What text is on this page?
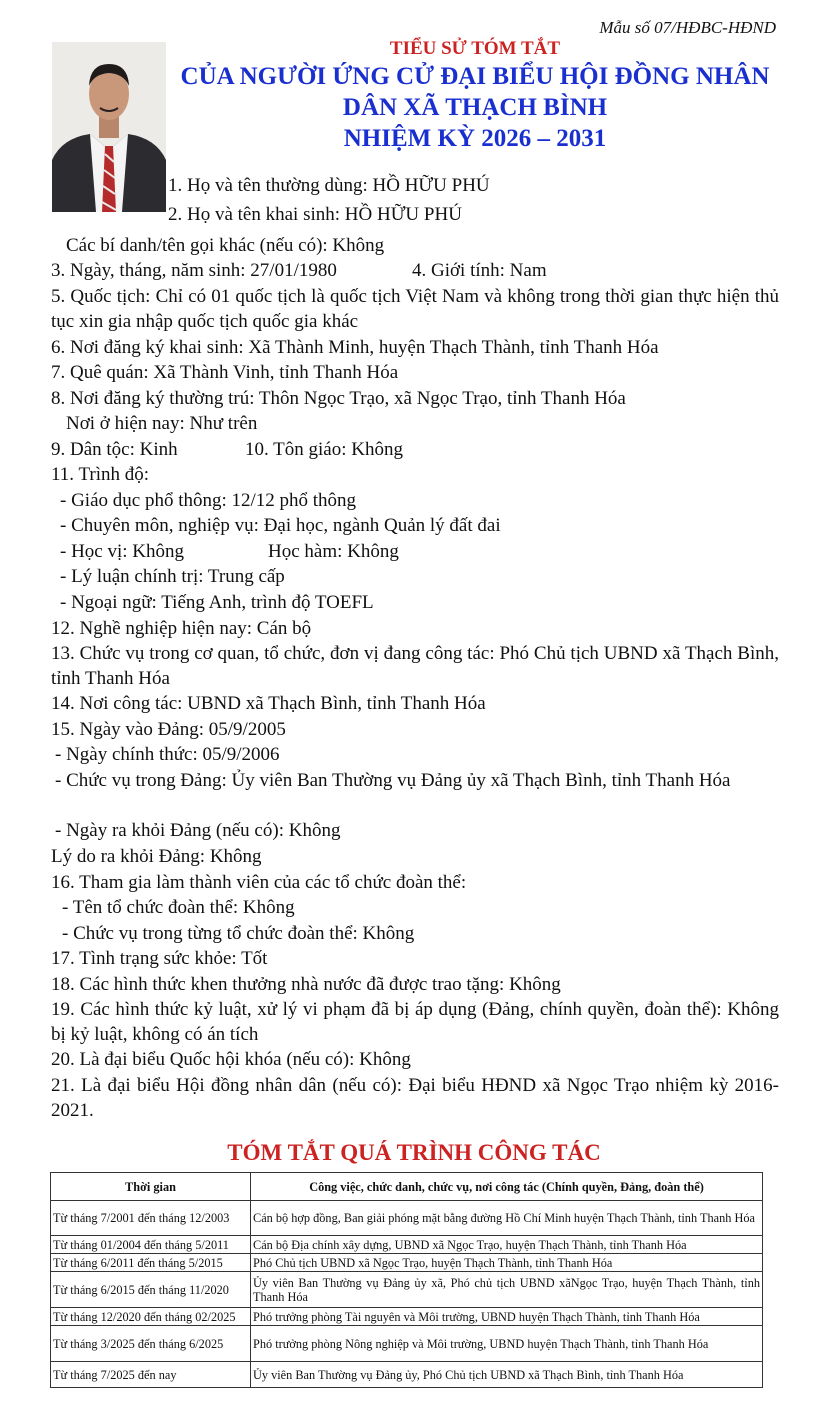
Mẫu số 07/HĐBC-HĐND
TIỂU SỬ TÓM TẮT
CỦA NGƯỜI ỨNG CỬ ĐẠI BIỂU HỘI ĐỒNG NHÂN
DÂN XÃ THẠCH BÌNH
NHIỆM KỲ 2026 – 2031
1. Họ và tên thường dùng: HỒ HỮU PHÚ
2. Họ và tên khai sinh: HỒ HỮU PHÚ
Các bí danh/tên gọi khác (nếu có): Không
3. Ngày, tháng, năm sinh: 27/01/1980	4. Giới tính: Nam
5. Quốc tịch: Chỉ có 01 quốc tịch là quốc tịch Việt Nam và không trong thời gian thực hiện thủ tục xin gia nhập quốc tịch quốc gia khác
6. Nơi đăng ký khai sinh: Xã Thành Minh, huyện Thạch Thành, tỉnh Thanh Hóa
7. Quê quán: Xã Thành Vinh, tỉnh Thanh Hóa
8. Nơi đăng ký thường trú: Thôn Ngọc Trạo, xã Ngọc Trạo, tỉnh Thanh Hóa
Nơi ở hiện nay: Như trên
9. Dân tộc: Kinh	10. Tôn giáo: Không
11. Trình độ:
- Giáo dục phổ thông: 12/12 phổ thông
- Chuyên môn, nghiệp vụ: Đại học, ngành Quản lý đất đai
- Học vị: Không	Học hàm: Không
- Lý luận chính trị: Trung cấp
- Ngoại ngữ: Tiếng Anh, trình độ TOEFL
12. Nghề nghiệp hiện nay: Cán bộ
13. Chức vụ trong cơ quan, tổ chức, đơn vị đang công tác: Phó Chủ tịch UBND xã Thạch Bình, tỉnh Thanh Hóa
14. Nơi công tác: UBND xã Thạch Bình, tỉnh Thanh Hóa
15. Ngày vào Đảng: 05/9/2005
- Ngày chính thức: 05/9/2006
- Chức vụ trong Đảng: Ủy viên Ban Thường vụ Đảng ủy xã Thạch Bình, tỉnh Thanh Hóa
- Ngày ra khỏi Đảng (nếu có): Không
Lý do ra khỏi Đảng: Không
16. Tham gia làm thành viên của các tổ chức đoàn thể:
- Tên tổ chức đoàn thể: Không
- Chức vụ trong từng tổ chức đoàn thể: Không
17. Tình trạng sức khỏe: Tốt
18. Các hình thức khen thưởng nhà nước đã được trao tặng: Không
19. Các hình thức kỷ luật, xử lý vi phạm đã bị áp dụng (Đảng, chính quyền, đoàn thể): Không bị kỷ luật, không có án tích
20. Là đại biểu Quốc hội khóa (nếu có): Không
21. Là đại biểu Hội đồng nhân dân (nếu có): Đại biểu HĐND xã Ngọc Trạo nhiệm kỳ 2016-2021.
TÓM TẮT QUÁ TRÌNH CÔNG TÁC
Thời gian	Công việc, chức danh, chức vụ, nơi công tác (Chính quyền, Đảng, đoàn thể)
Từ tháng 7/2001 đến tháng 12/2003	Cán bộ hợp đồng, Ban giải phóng mặt bằng đường Hồ Chí Minh huyện Thạch Thành, tỉnh Thanh Hóa
Từ tháng 01/2004 đến tháng 5/2011	Cán bộ Địa chính xây dựng, UBND xã Ngọc Trạo, huyện Thạch Thành, tỉnh Thanh Hóa
Từ tháng 6/2011 đến tháng 5/2015	Phó Chủ tịch UBND xã Ngọc Trạo, huyện Thạch Thành, tỉnh Thanh Hóa
Từ tháng 6/2015 đến tháng 11/2020	Ủy viên Ban Thường vụ Đảng ủy xã, Phó chủ tịch UBND xãNgọc Trạo, huyện Thạch Thành, tỉnh Thanh Hóa
Từ tháng 12/2020 đến tháng 02/2025	Phó trưởng phòng Tài nguyên và Môi trường, UBND huyện Thạch Thành, tỉnh Thanh Hóa
Từ tháng 3/2025 đến tháng 6/2025	Phó trưởng phòng Nông nghiệp và Môi trường, UBND huyện Thạch Thành, tỉnh Thanh Hóa
Từ tháng 7/2025 đến nay	Ủy viên Ban Thường vụ Đảng ủy, Phó Chủ tịch UBND xã Thạch Bình, tỉnh Thanh Hóa
